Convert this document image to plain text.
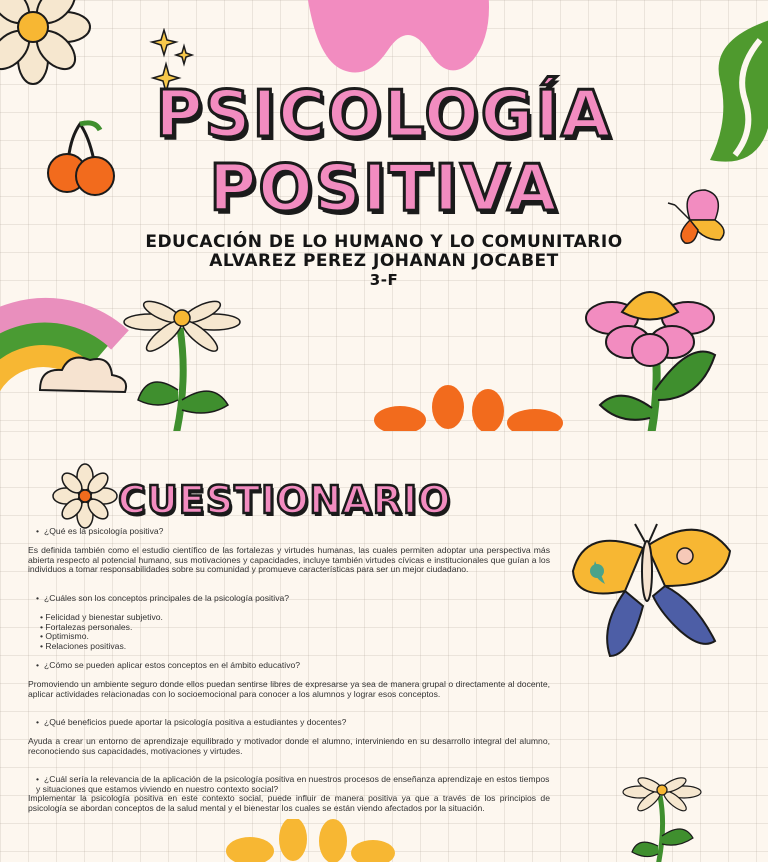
PSICOLOGÍA
POSITIVA
EDUCACIÓN DE LO HUMANO Y LO COMUNITARIO
ALVAREZ PEREZ JOHANAN JOCABET
3-F
CUESTIONARIO
• ¿Qué es la psicología positiva?
Es definida también como el estudio científico de las fortalezas y virtudes humanas, las cuales permiten adoptar una perspectiva más abierta respecto al potencial humano, sus motivaciones y capacidades, incluye también virtudes cívicas e institucionales que guían a los individuos a tomar responsabilidades sobre su comunidad y promueve características para ser un mejor ciudadano.
• ¿Cuáles son los conceptos principales de la psicología positiva?
• Felicidad y bienestar subjetivo.
• Fortalezas personales.
• Optimismo.
• Relaciones positivas.
• ¿Cómo se pueden aplicar estos conceptos en el ámbito educativo?
Promoviendo un ambiente seguro donde ellos puedan sentirse libres de expresarse ya sea de manera grupal o directamente al docente, aplicar actividades relacionadas con lo socioemocional para conocer a los alumnos y lograr esos conceptos.
• ¿Qué beneficios puede aportar la psicología positiva a estudiantes y docentes?
Ayuda a crear un entorno de aprendizaje equilibrado y motivador donde el alumno, interviniendo en su desarrollo integral del alumno, reconociendo sus capacidades, motivaciones y virtudes.
• ¿Cuál sería la relevancia de la aplicación de la psicología positiva en nuestros procesos de enseñanza aprendizaje en estos tiempos y situaciones que estamos viviendo en nuestro contexto social?
Implementar la psicología positiva en este contexto social, puede influir de manera positiva ya que a través de los principios de psicología se abordan conceptos de la salud mental y el bienestar los cuales se están viendo afectados por la situación.
